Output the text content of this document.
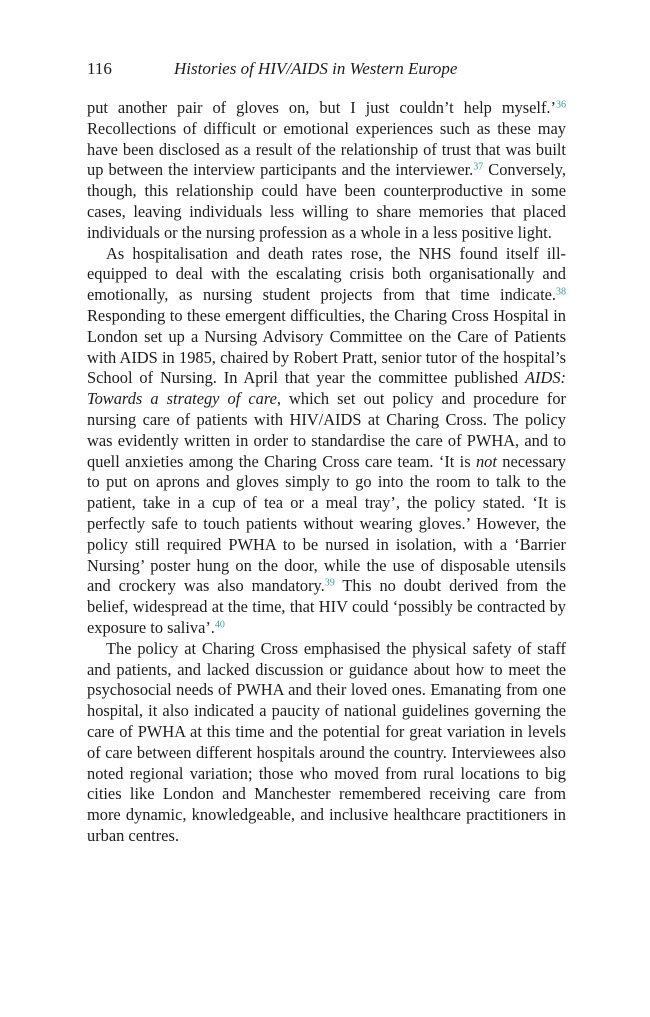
116	Histories of HIV/AIDS in Western Europe

put another pair of gloves on, but I just couldn’t help myself.’$^{36}$ Recollections of difficult or emotional experiences such as these may have been disclosed as a result of the relationship of trust that was built up between the interview participants and the interviewer.$^{37}$ Conversely, though, this relationship could have been counterproductive in some cases, leaving individuals less willing to share memories that placed individuals or the nursing profession as a whole in a less positive light.

As hospitalisation and death rates rose, the NHS found itself ill-equipped to deal with the escalating crisis both organisationally and emotionally, as nursing student projects from that time indicate.$^{38}$ Responding to these emergent difficulties, the Charing Cross Hospital in London set up a Nursing Advisory Committee on the Care of Patients with AIDS in 1985, chaired by Robert Pratt, senior tutor of the hospital’s School of Nursing. In April that year the committee published AIDS: Towards a strategy of care, which set out policy and procedure for nursing care of patients with HIV/​AIDS at Charing Cross. The policy was evidently written in order to standardise the care of PWHA, and to quell anxieties among the Charing Cross care team. ‘It is not necessary to put on aprons and gloves simply to go into the room to talk to the patient, take in a cup of tea or a meal tray’, the policy stated. ‘It is perfectly safe to touch patients without wearing gloves.’ However, the policy still required PWHA to be nursed in isolation, with a ‘Barrier Nursing’ poster hung on the door, while the use of disposable utensils and crockery was also mandatory.$^{39}$ This no doubt derived from the belief, widespread at the time, that HIV could ‘possibly be contracted by exposure to saliva’.$^{40}$

The policy at Charing Cross emphasised the physical safety of staff and patients, and lacked discussion or guidance about how to meet the psychosocial needs of PWHA and their loved ones. Emanating from one hospital, it also indicated a paucity of national guidelines governing the care of PWHA at this time and the potential for great variation in levels of care between different hospitals around the country. Interviewees also noted regional variation; those who moved from rural locations to big cities like London and Manchester remembered receiving care from more dynamic, knowledgeable, and inclusive healthcare practitioners in urban centres.
